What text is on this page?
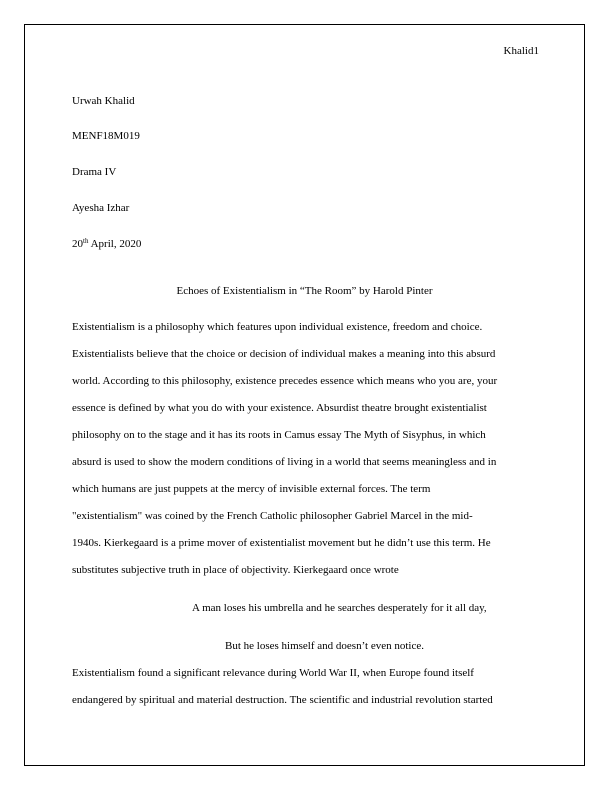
Khalid1
Urwah Khalid
MENF18M019
Drama IV
Ayesha Izhar
20th April, 2020
Echoes of Existentialism in “The Room” by Harold Pinter
Existentialism is a philosophy which features upon individual existence, freedom and choice.
Existentialists believe that the choice or decision of individual makes a meaning into this absurd
world. According to this philosophy, existence precedes essence which means who you are, your
essence is defined by what you do with your existence. Absurdist theatre brought existentialist
philosophy on to the stage and it has its roots in Camus essay The Myth of Sisyphus, in which
absurd is used to show the modern conditions of living in a world that seems meaningless and in
which humans are just puppets at the mercy of invisible external forces. The term
"existentialism" was coined by the French Catholic philosopher Gabriel Marcel in the mid-
1940s. Kierkegaard is a prime mover of existentialist movement but he didn’t use this term. He
substitutes subjective truth in place of objectivity. Kierkegaard once wrote
A man loses his umbrella and he searches desperately for it all day,
But he loses himself and doesn’t even notice.
Existentialism found a significant relevance during World War II, when Europe found itself
endangered by spiritual and material destruction. The scientific and industrial revolution started
